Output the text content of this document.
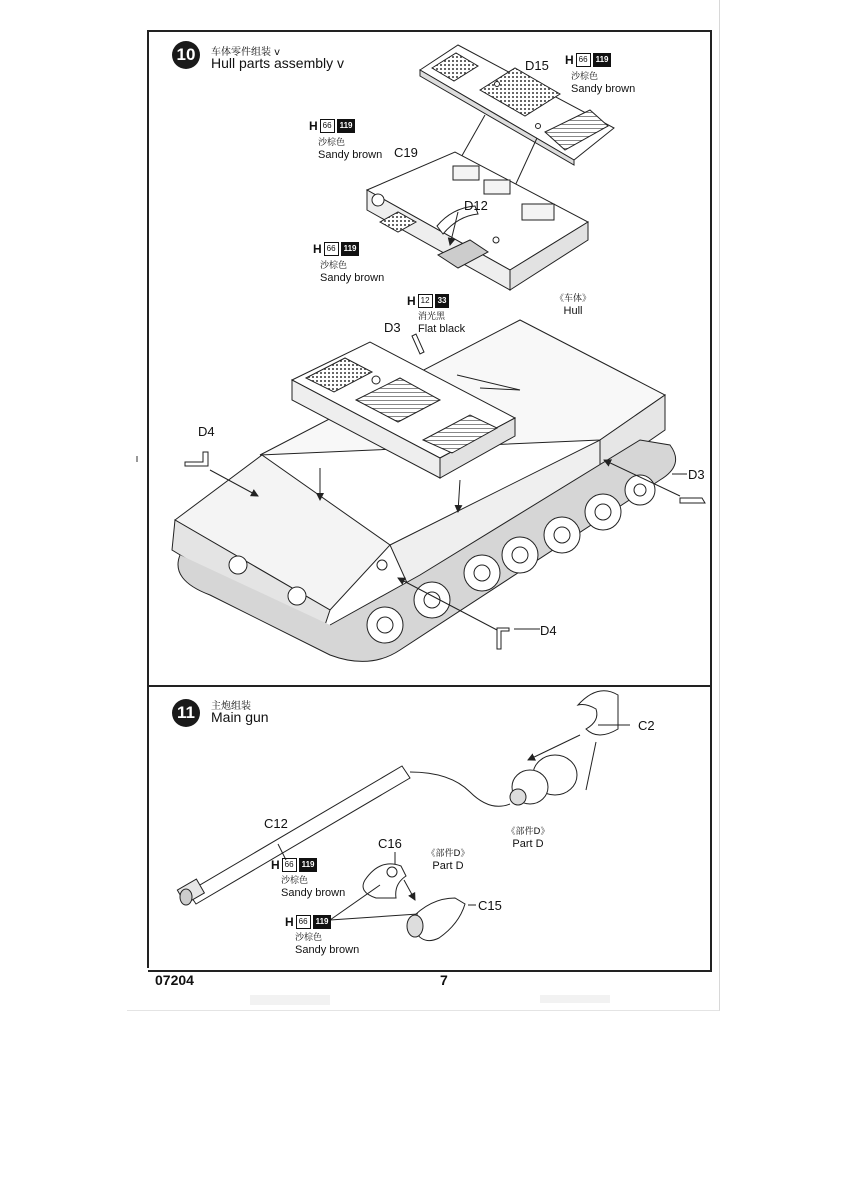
10	车体零件组装 v
Hull parts assembly v	D15 H 66	119
沙棕色
Sandy brown
H 66	119
沙棕色
Sandy brown C19
D12
H 66	119
沙棕色
Sandy brown
H 12	33
消光黑
Flat black
《车体》
Hull
D3
D4
D3
D4
11	主炮组装
Main gun
C2
《部件D》
Part D
《部件D》
Part D
C12
C16
C15
H 66	119
沙棕色
Sandy brown
H 66	119
沙棕色
Sandy brown
07204	7
